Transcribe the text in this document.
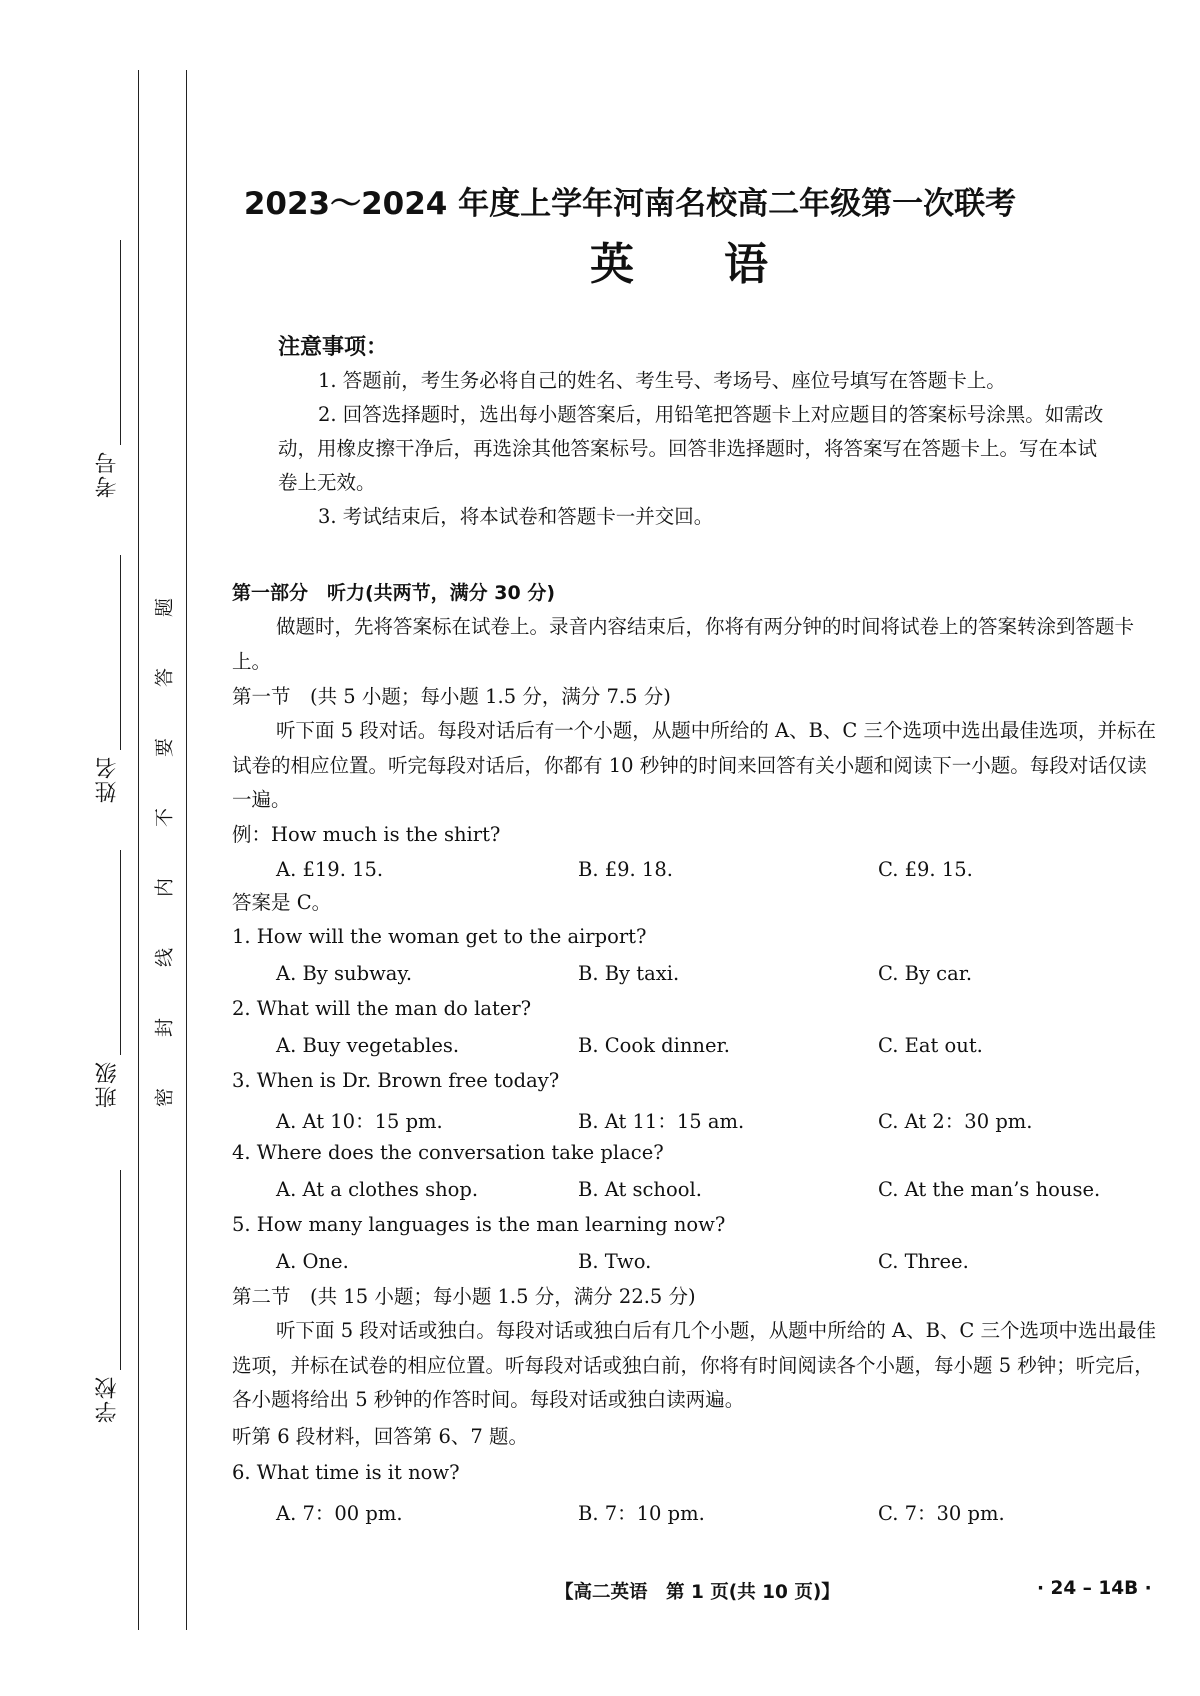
考号
姓名
班级
学校
题
答
要
不
内
线
封
密
2023～2024 年度上学年河南名校高二年级第一次联考
英语
注意事项：
1. 答题前，考生务必将自己的姓名、考生号、考场号、座位号填写在答题卡上。
2. 回答选择题时，选出每小题答案后，用铅笔把答题卡上对应题目的答案标号涂黑。如需改动，用橡皮擦干净后，再选涂其他答案标号。回答非选择题时，将答案写在答题卡上。写在本试卷上无效。
3. 考试结束后，将本试卷和答题卡一并交回。
第一部分　听力(共两节，满分 30 分)
做题时，先将答案标在试卷上。录音内容结束后，你将有两分钟的时间将试卷上的答案转涂到答题卡上。
第一节　(共 5 小题；每小题 1.5 分，满分 7.5 分)
听下面 5 段对话。每段对话后有一个小题，从题中所给的 A、B、C 三个选项中选出最佳选项，并标在试卷的相应位置。听完每段对话后，你都有 10 秒钟的时间来回答有关小题和阅读下一小题。每段对话仅读一遍。
例：How much is the shirt?
A. £19. 15.	B. £9. 18.	C. £9. 15.
答案是 C。
1. How will the woman get to the airport?
A. By subway.	B. By taxi.	C. By car.
2. What will the man do later?
A. Buy vegetables.	B. Cook dinner.	C. Eat out.
3. When is Dr. Brown free today?
A. At 10：15 pm.	B. At 11：15 am.	C. At 2：30 pm.
4. Where does the conversation take place?
A. At a clothes shop.	B. At school.	C. At the man’s house.
5. How many languages is the man learning now?
A. One.	B. Two.	C. Three.
第二节　(共 15 小题；每小题 1.5 分，满分 22.5 分)
听下面 5 段对话或独白。每段对话或独白后有几个小题，从题中所给的 A、B、C 三个选项中选出最佳选项，并标在试卷的相应位置。听每段对话或独白前，你将有时间阅读各个小题，每小题 5 秒钟；听完后，各小题将给出 5 秒钟的作答时间。每段对话或独白读两遍。
听第 6 段材料，回答第 6、7 题。
6. What time is it now?
A. 7：00 pm.	B. 7：10 pm.	C. 7：30 pm.
【高二英语　第 1 页(共 10 页)】	· 24 – 14B ·
